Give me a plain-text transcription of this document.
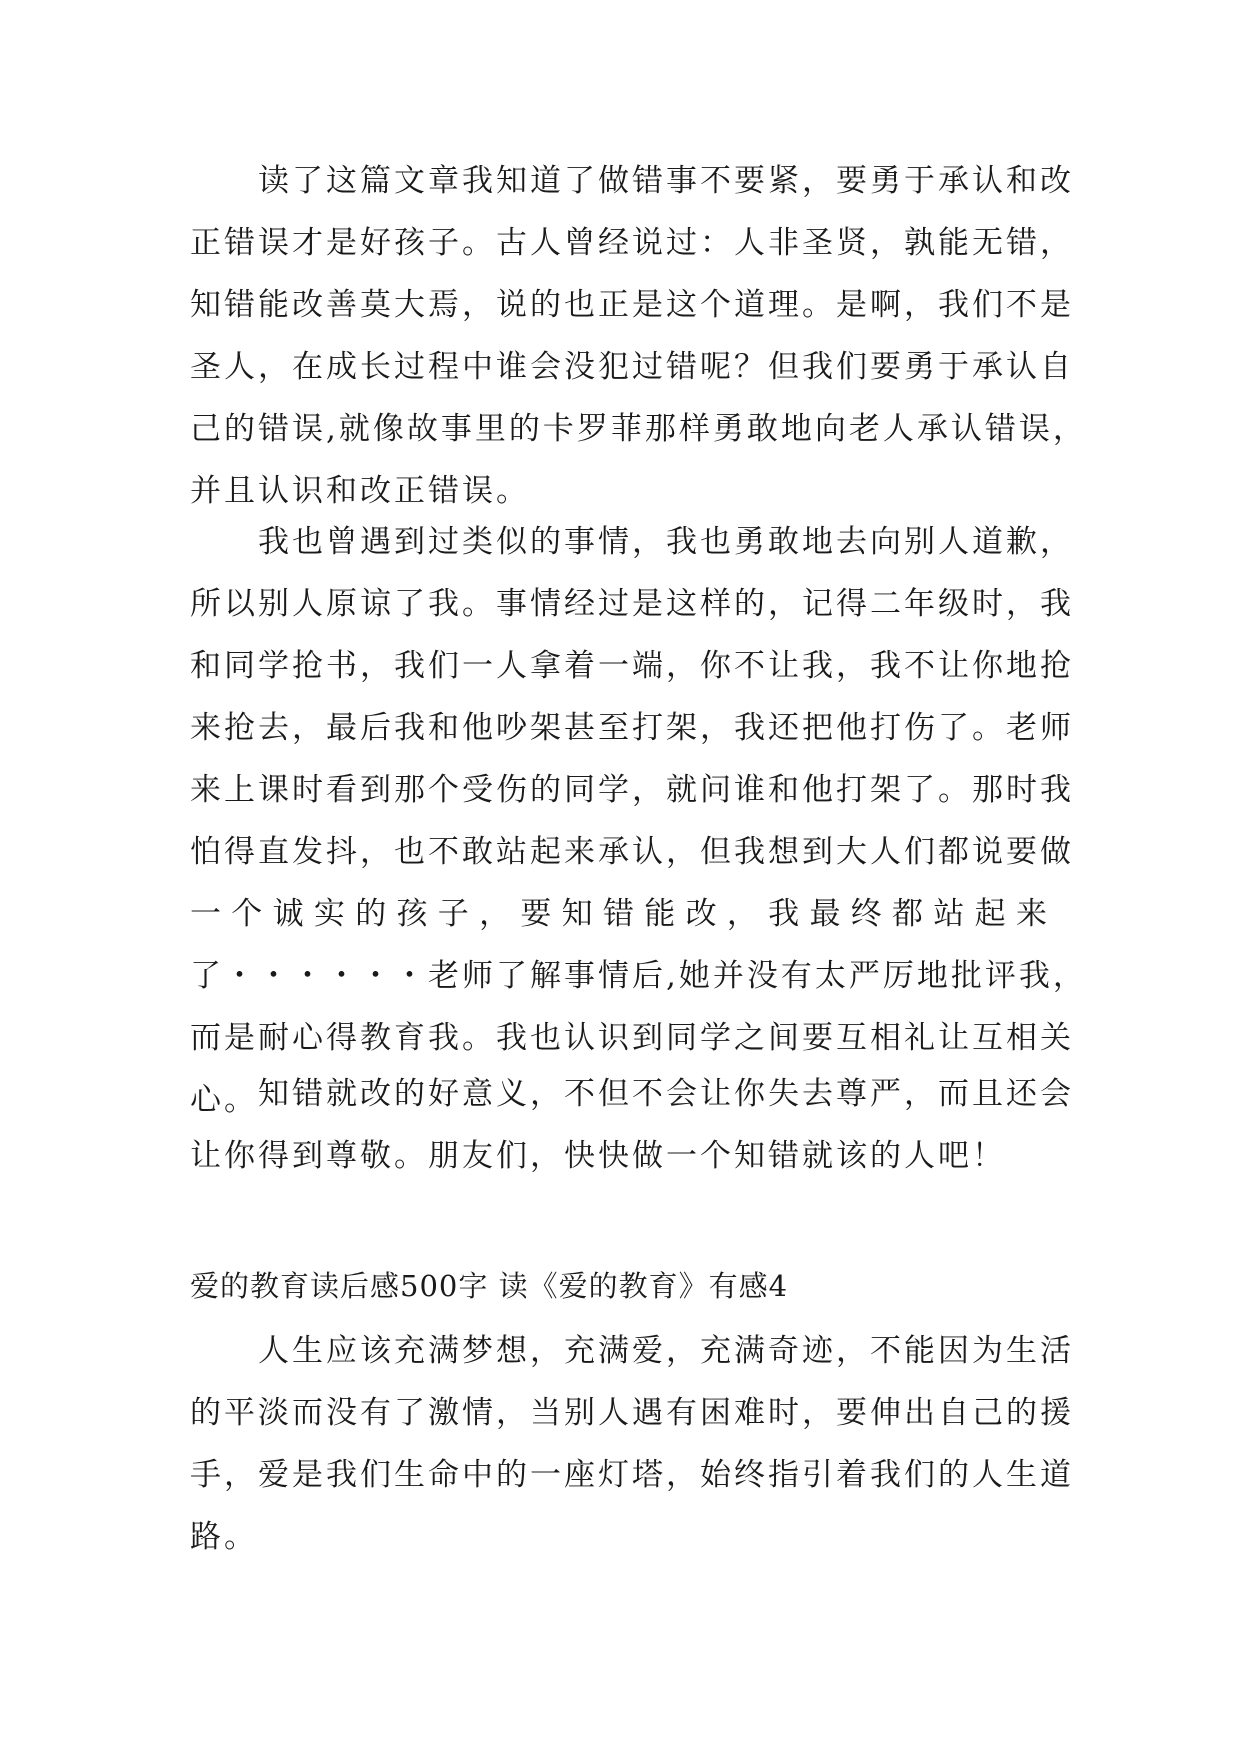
读 了 这 篇 文 章 我 知 道 了 做 错 事 不 要 紧 ， 要 勇 于 承 认 和 改
正 错 误 才 是 好 孩 子 。 古 人 曾 经 说 过 ： 人 非 圣 贤 ， 孰 能 无 错 ，
知 错 能 改 善 莫 大 焉 ， 说 的 也 正 是 这 个 道 理 。 是 啊 ， 我 们 不 是
圣 人 ， 在 成 长 过 程 中 谁 会 没 犯 过 错 呢 ？ 但 我 们 要 勇 于 承 认 自
己 的 错 误 , 就 像 故 事 里 的 卡 罗 菲 那 样 勇 敢 地 向 老 人 承 认 错 误 ，
并且认识和改正错误。
我 也 曾 遇 到 过 类 似 的 事 情 ， 我 也 勇 敢 地 去 向 别 人 道 歉 ，
所 以 别 人 原 谅 了 我 。 事 情 经 过 是 这 样 的 ， 记 得 二 年 级 时 ， 我
和 同 学 抢 书 ， 我 们 一 人 拿 着 一 端 ， 你 不 让 我 ， 我 不 让 你 地 抢
来 抢 去 ， 最 后 我 和 他 吵 架 甚 至 打 架 ， 我 还 把 他 打 伤 了 。 老 师
来 上 课 时 看 到 那 个 受 伤 的 同 学 ， 就 问 谁 和 他 打 架 了 。 那 时 我
怕 得 直 发 抖 ， 也 不 敢 站 起 来 承 认 ， 但 我 想 到 大 人 们 都 说 要 做
一 个 诚 实 的 孩 子 ， 要 知 错 能 改 ， 我 最 终 都 站 起 来
了 ・ ・ ・ ・ ・ ・ 老 师 了 解 事 情 后 , 她 并 没 有 太 严 厉 地 批 评 我 ，
而 是 耐 心 得 教 育 我 。 我 也 认 识 到 同 学 之 间 要 互 相 礼 让 互 相 关
心。 知 错 就 改 的 好 意 义 ， 不 但 不 会 让 你 失 去 尊 严 ， 而 且 还 会
让你得到尊敬。朋友们，快快做一个知错就该的人吧！
爱的教育读后感500字 读《爱的教育》有感4
人 生 应 该 充 满 梦 想 ， 充 满 爱 ， 充 满 奇 迹 ， 不 能 因 为 生 活
的 平 淡 而 没 有 了 激 情 ， 当 别 人 遇 有 困 难 时 ， 要 伸 出 自 己 的 援
手 ， 爱 是 我 们 生 命 中 的 一 座 灯 塔 ， 始 终 指 引 着 我 们 的 人 生 道
路。
